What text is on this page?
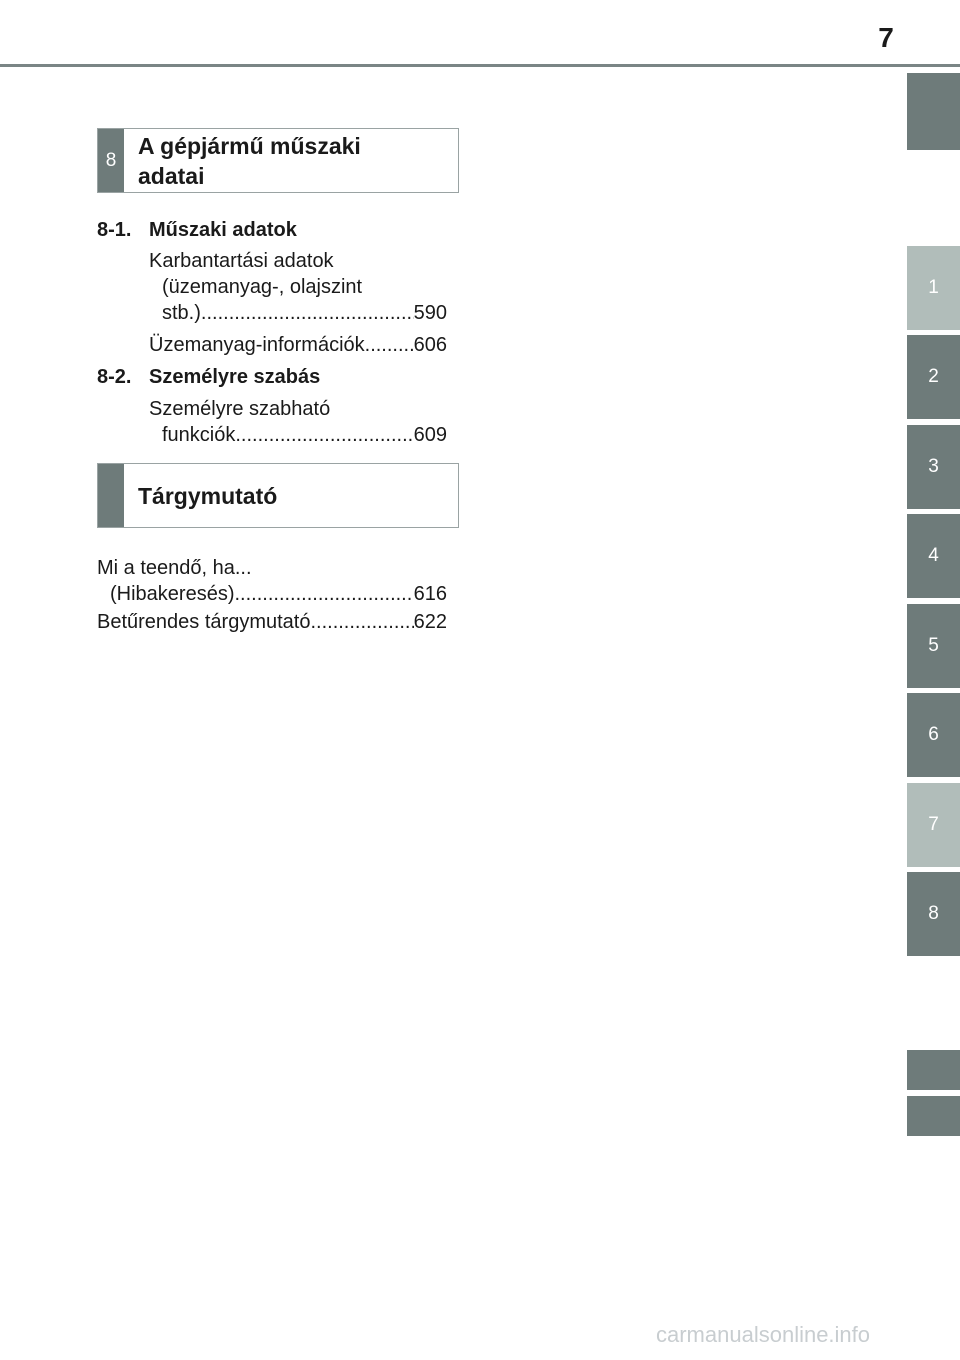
7
8
A gépjármű műszaki
adatai
8-1. Műszaki adatok
Karbantartási adatok
(üzemanyag-, olajszint
stb.) .....	590
Üzemanyag-információk ..... 606
8-2. Személyre szabás
Személyre szabható
funkciók .....	609
Tárgymutató
Mi a teendő, ha...
(Hibakeresés) .....	616
Betűrendes tárgymutató .....	622
1
2
3
4
5
6
7
8
carmanualsonline.info
